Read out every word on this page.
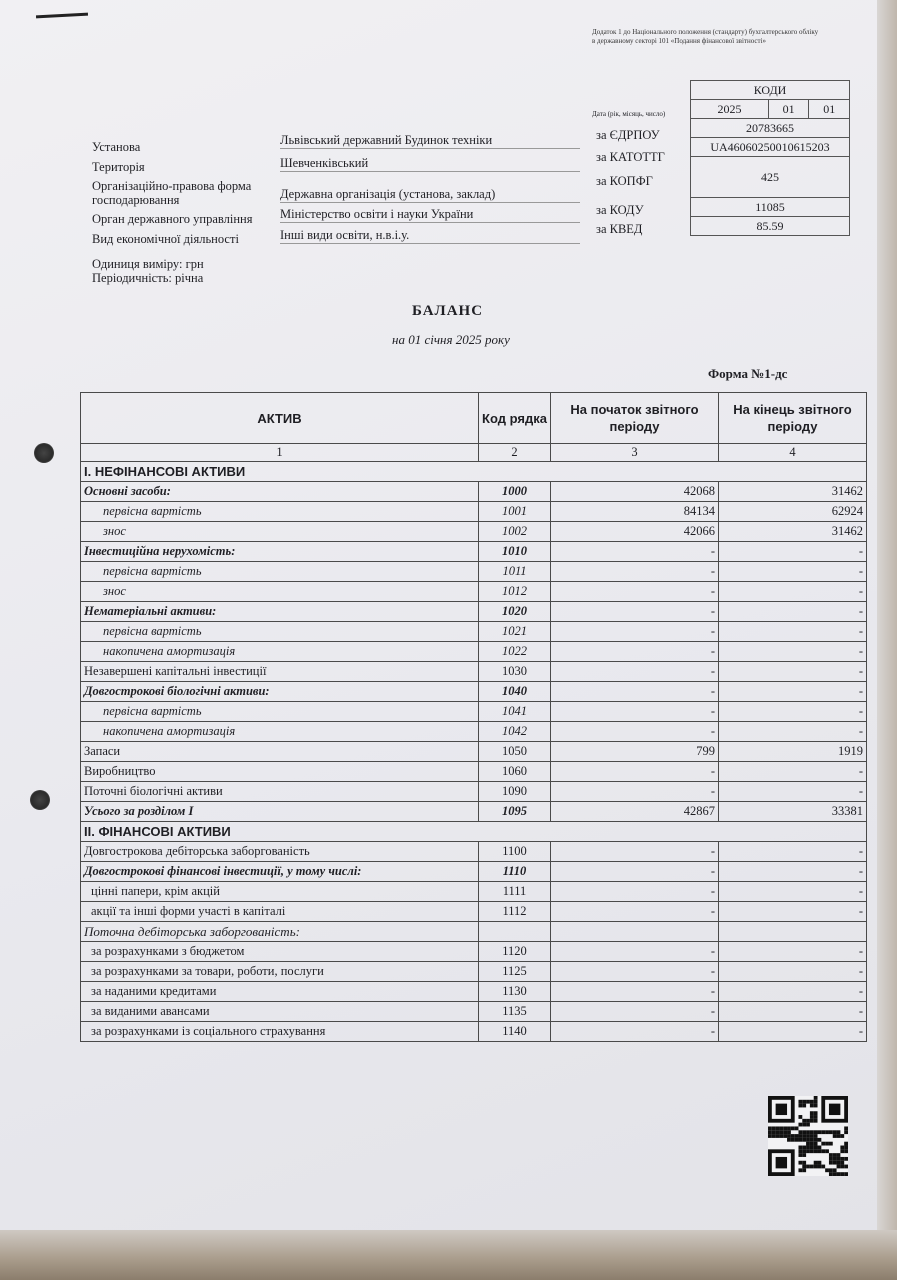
Додаток 1 до Національного положення (стандарту) бухгалтерського обліку в державному секторі 101 «Подання фінансової звітності»
Дата (рік, місяць, число)
КОДИ
2025	01	01
20783665
UA46060250010615203
425
11085
85.59
за ЄДРПОУ
за КАТОТТГ
за КОПФГ
за КОДУ
за КВЕД
Установа	Львівський державний Будинок техніки
Територія	Шевченківський
Організаційно-правова форма господарювання	Державна організація (установа, заклад)
Орган державного управління Міністерство освіти і науки України
Вид економічної діяльності	Інші види освіти, н.в.і.у.
Одиниця виміру: грн
Періодичність: річна
БАЛАНС
на 01 січня 2025 року
Форма №1-дс
АКТИВ	Код рядка	На початок звітного періоду	На кінець звітного періоду
1	2	3	4
І. НЕФІНАНСОВІ АКТИВИ			
Основні засоби:	1000	42068	31462
первісна вартість	1001	84134	62924
знос	1002	42066	31462
Інвестиційна нерухомість:	1010	-	-
первісна вартість	1011	-	-
знос	1012	-	-
Нематеріальні активи:	1020	-	-
первісна вартість	1021	-	-
накопичена амортизація	1022	-	-
Незавершені капітальні інвестиції	1030	-	-
Довгострокові біологічні активи:	1040	-	-
первісна вартість	1041	-	-
накопичена амортизація	1042	-	-
Запаси	1050	799	1919
Виробництво	1060	-	-
Поточні біологічні активи	1090	-	-
Усього за розділом І	1095	42867	33381
ІІ. ФІНАНСОВІ АКТИВИ			
Довгострокова дебіторська заборгованість	1100	-	-
Довгострокові фінансові інвестиції, у тому числі:	1110	-	-
цінні папери, крім акцій	1111	-	-
акції та інші форми участі в капіталі	1112	-	-
Поточна дебіторська заборгованість:			
за розрахунками з бюджетом	1120	-	-
за розрахунками за товари, роботи, послуги	1125	-	-
за наданими кредитами	1130	-	-
за виданими авансами	1135	-	-
за розрахунками із соціального страхування	1140	-	-
